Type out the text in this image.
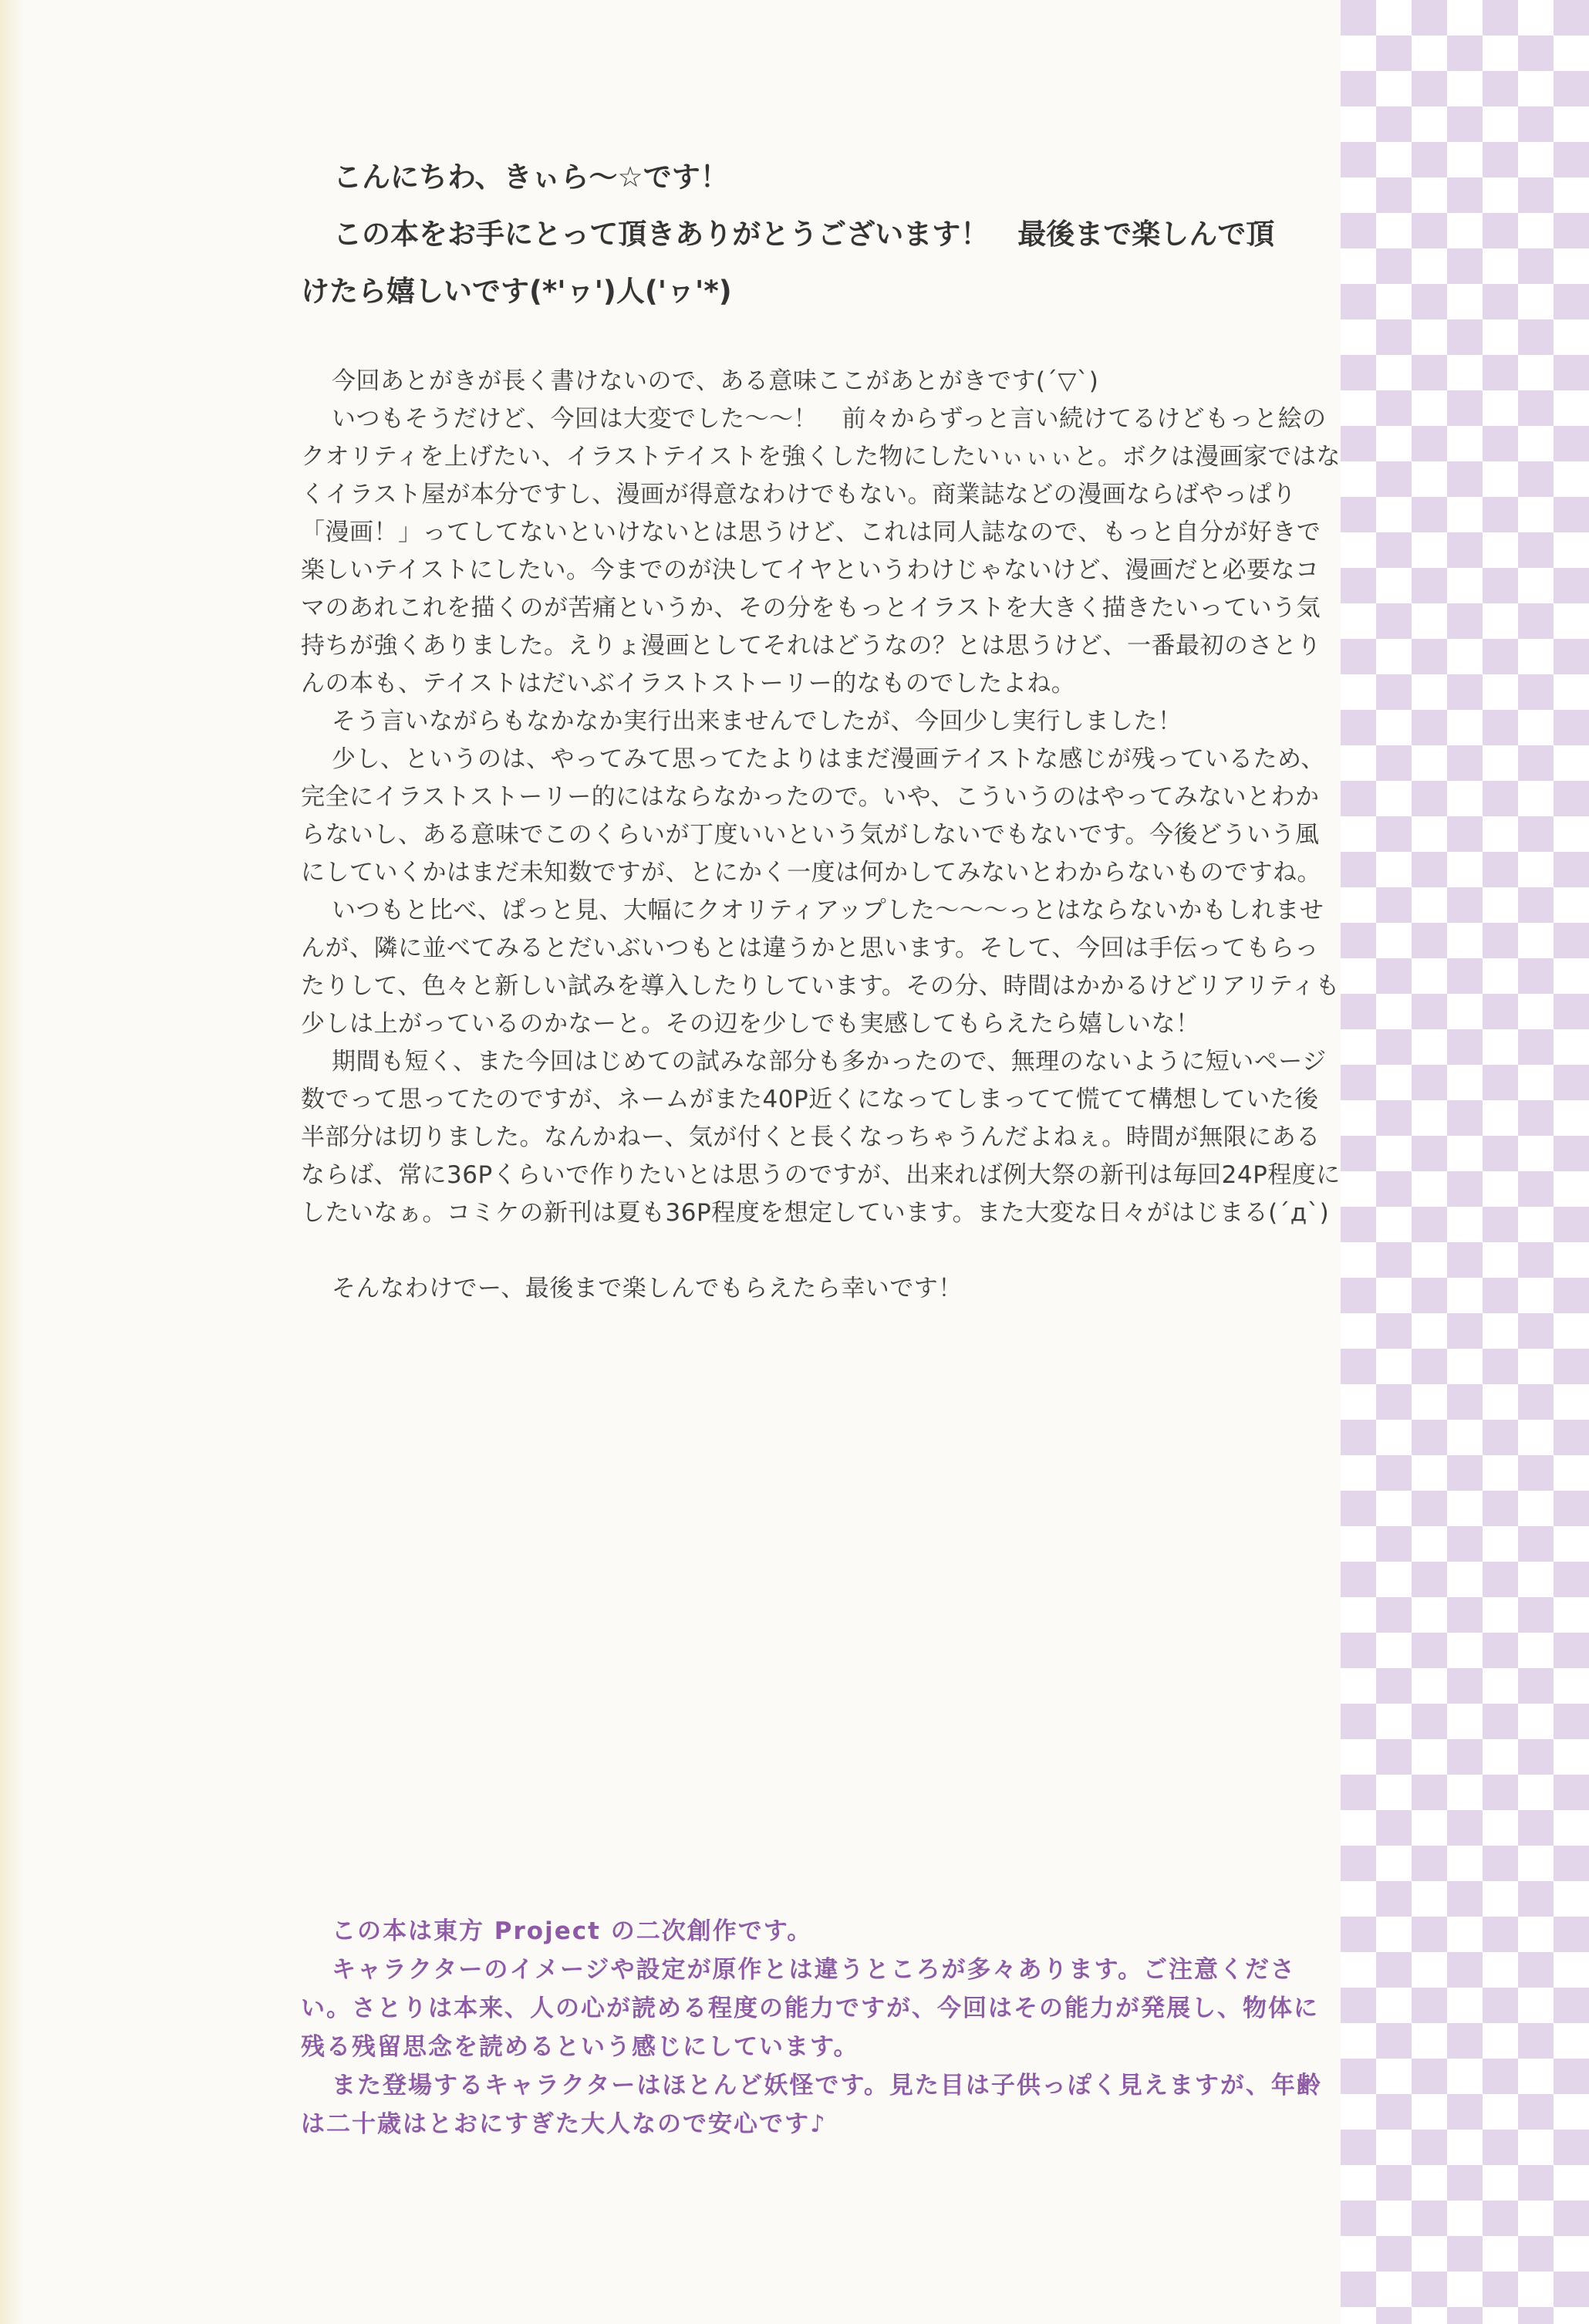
こんにちわ、きぃら～☆です！

この本をお手にとって頂きありがとうございます！　最後まで楽しんで頂

けたら嬉しいです(*'ヮ')人('ヮ'*)

今回あとがきが長く書けないので、ある意味ここがあとがきです(´▽`)

いつもそうだけど、今回は大変でした～～！　前々からずっと言い続けてるけどもっと絵のクオリティを上げたい、イラストテイストを強くした物にしたいぃぃぃと。ボクは漫画家ではなくイラスト屋が本分ですし、漫画が得意なわけでもない。商業誌などの漫画ならばやっぱり「漫画！」ってしてないといけないとは思うけど、これは同人誌なので、もっと自分が好きで楽しいテイストにしたい。今までのが決してイヤというわけじゃないけど、漫画だと必要なコマのあれこれを描くのが苦痛というか、その分をもっとイラストを大きく描きたいっていう気持ちが強くありました。えりょ漫画としてそれはどうなの？とは思うけど、一番最初のさとりんの本も、テイストはだいぶイラストストーリー的なものでしたよね。

そう言いながらもなかなか実行出来ませんでしたが、今回少し実行しました！

少し、というのは、やってみて思ってたよりはまだ漫画テイストな感じが残っているため、完全にイラストストーリー的にはならなかったので。いや、こういうのはやってみないとわからないし、ある意味でこのくらいが丁度いいという気がしないでもないです。今後どういう風にしていくかはまだ未知数ですが、とにかく一度は何かしてみないとわからないものですね。

いつもと比べ、ぱっと見、大幅にクオリティアップした～～～っとはならないかもしれませんが、隣に並べてみるとだいぶいつもとは違うかと思います。そして、今回は手伝ってもらったりして、色々と新しい試みを導入したりしています。その分、時間はかかるけどリアリティも少しは上がっているのかなーと。その辺を少しでも実感してもらえたら嬉しいな！

期間も短く、また今回はじめての試みな部分も多かったので、無理のないように短いページ数でって思ってたのですが、ネームがまた40P近くになってしまってて慌てて構想していた後半部分は切りました。なんかねー、気が付くと長くなっちゃうんだよねぇ。時間が無限にあるならば、常に36Pくらいで作りたいとは思うのですが、出来れば例大祭の新刊は毎回24P程度にしたいなぁ。コミケの新刊は夏も36P程度を想定しています。また大変な日々がはじまる(´д`)

そんなわけでー、最後まで楽しんでもらえたら幸いです！

この本は東方 Project の二次創作です。

キャラクターのイメージや設定が原作とは違うところが多々あります。ご注意ください。さとりは本来、人の心が読める程度の能力ですが、今回はその能力が発展し、物体に残る残留思念を読めるという感じにしています。

また登場するキャラクターはほとんど妖怪です。見た目は子供っぽく見えますが、年齢は二十歳はとおにすぎた大人なので安心です♪
